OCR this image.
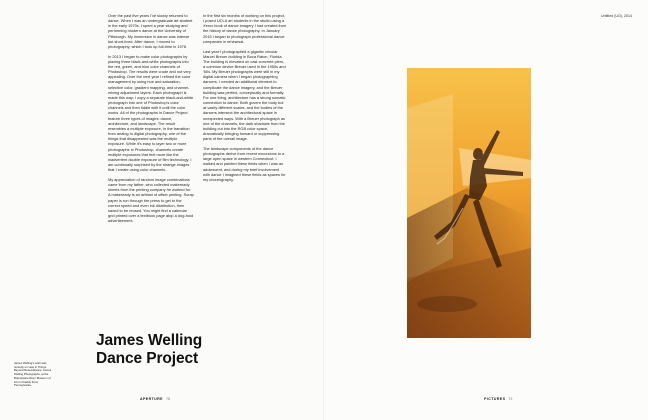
Over the past five years I've slowly returned to dance. When I was an undergraduate art student in the early 1970s, I spent a year studying and performing modern dance at the University of Pittsburgh. My immersion in dance was intense but short-lived. After dance, I moved to photography, which I took up full-time in 1976.

In 2013 I began to make color photographs by placing three black-and-white photographs into the red, green, and blue color channels of Photoshop. The results were crude and not very appealing. Over the next year I refined the color management by using hue and saturation, selective color, gradient mapping, and channel-mixing adjustment layers. Each photograph is made this way: I copy a separate black-and-white photograph into one of Photoshop's color channels and then fiddle with it until the color works. All of the photographs in Dance Project feature three types of images: dance, architecture, and landscape. The result resembles a multiple exposure. In the transition from analog to digital photography, one of the things that disappeared was the multiple exposure. While it's easy to layer two or more photographs in Photoshop, channels create multiple exposures that feel more like the inadvertent double exposure of film technology. I am continually surprised by the strange images that I create using color channels.

My appreciation of random image combinations came from my father, who collected makeready sheets from the printing company he worked for. A makeready is an artifact of offset printing. Scrap paper is run through the press to get to the correct speed and even ink distribution, then saved to be reused. You might find a calendar grid printed over a textbook page atop a dog-food advertisement.

In the first six months of working on this project, I posed UCLA art students in the studio using a Xerox book of dance imagery I had created from the history of dance photography. In January 2015 I began to photograph professional dance companies in rehearsal.

Last year I photographed a gigantic circular Marcel Breuer building in Boca Raton, Florida. The building is elevated on cast concrete piers, a common device Breuer used in the 1950s and '60s. My Breuer photographs were still in my digital camera when I began photographing dancers. I needed an additional element to complicate the dance imagery, and the Breuer building was perfect, conceptually and formally. For one thing, architecture has a strong somatic connection to dance. Both govern the body but at vastly different scales, and the bodies of the dancers intersect the architectural space in unexpected ways. With a Breuer photograph as one of the channels, the dark shadows from the building cut into the RGB color space, dramatically bringing forward or suppressing parts of the overall image.

The landscape components of the dance photographs derive from recent excursions to a large open space in western Connecticut. I walked and painted these fields when I was an adolescent, and during my brief involvement with dance I imagined these fields as spaces for my choreography.

James Welling
Dance Project
James Welling's work was recently on view in Things Beyond Resemblance: James Welling Photographs, at the Brandywine River Museum of Art in Chadds Ford, Pennsylvania.
APERTURE 78
Untitled (UO), 2014
PICTURES 79
